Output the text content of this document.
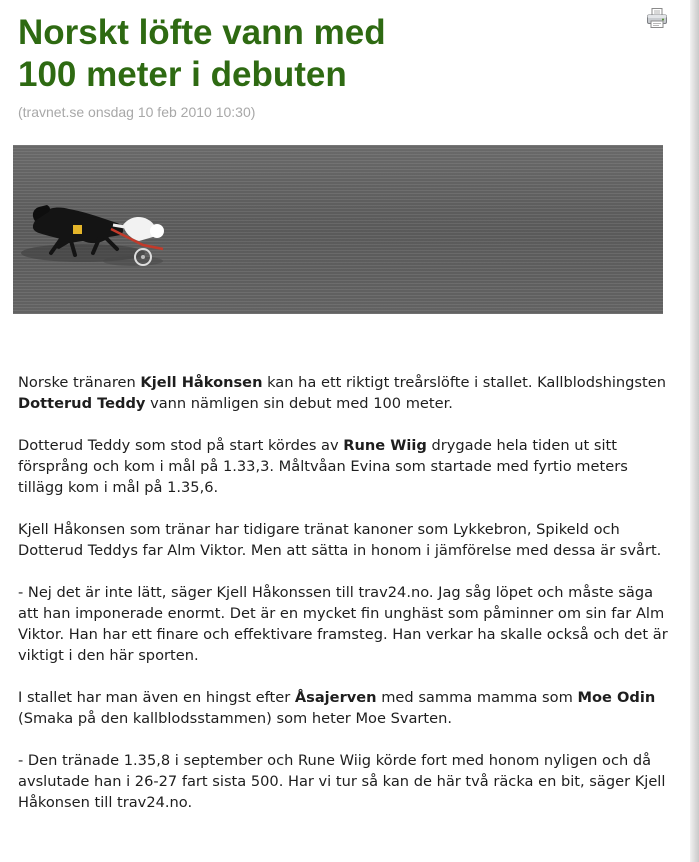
Norskt löfte vann med
100 meter i debuten
(travnet.se onsdag 10 feb 2010 10:30)

Norske tränaren Kjell Håkonsen kan ha ett riktigt treårslöfte i stallet. Kallblodshingsten Dotterud Teddy vann nämligen sin debut med 100 meter.

Dotterud Teddy som stod på start kördes av Rune Wiig drygade hela tiden ut sitt försprång och kom i mål på 1.33,3. Måltvåan Evina som startade med fyrtio meters tillägg kom i mål på 1.35,6.

Kjell Håkonsen som tränar har tidigare tränat kanoner som Lykkebron, Spikeld och Dotterud Teddys far Alm Viktor. Men att sätta in honom i jämförelse med dessa är svårt.

- Nej det är inte lätt, säger Kjell Håkonssen till trav24.no. Jag såg löpet och måste säga att han imponerade enormt. Det är en mycket fin unghäst som påminner om sin far Alm Viktor. Han har ett finare och effektivare framsteg. Han verkar ha skalle också och det är viktigt i den här sporten.

I stallet har man även en hingst efter Åsajerven med samma mamma som Moe Odin (Smaka på den kallblodsstammen) som heter Moe Svarten.

- Den tränade 1.35,8 i september och Rune Wiig körde fort med honom nyligen och då avslutade han i 26-27 fart sista 500. Har vi tur så kan de här två räcka en bit, säger Kjell Håkonsen till trav24.no.
